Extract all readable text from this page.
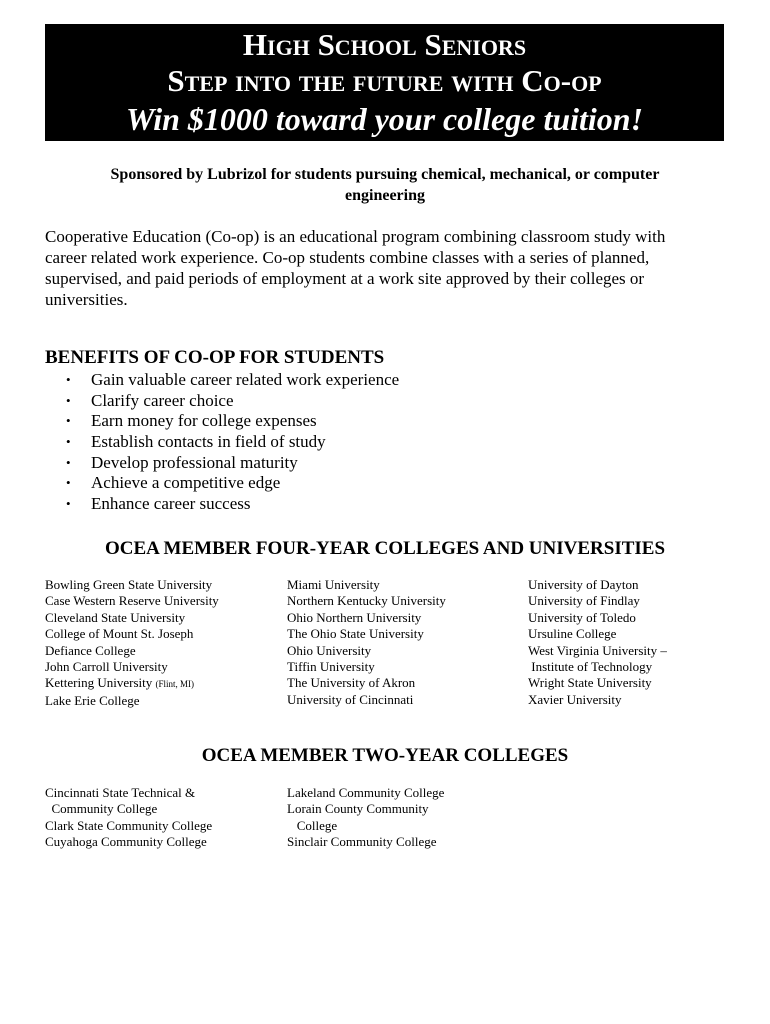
High School Seniors
Step into the future with Co-op
Win $1000 toward your college tuition!
Sponsored by Lubrizol for students pursuing chemical, mechanical, or computer engineering
Cooperative Education (Co-op) is an educational program combining classroom study with career related work experience. Co-op students combine classes with a series of planned, supervised, and paid periods of employment at a work site approved by their colleges or universities.
BENEFITS OF CO-OP FOR STUDENTS
• Gain valuable career related work experience
• Clarify career choice
• Earn money for college expenses
• Establish contacts in field of study
• Develop professional maturity
• Achieve a competitive edge
• Enhance career success
OCEA MEMBER FOUR-YEAR COLLEGES AND UNIVERSITIES
Bowling Green State University
Case Western Reserve University
Cleveland State University
College of Mount St. Joseph
Defiance College
John Carroll University
Kettering University (Flint, MI)
Lake Erie College
Miami University
Northern Kentucky University
Ohio Northern University
The Ohio State University
Ohio University
Tiffin University
The University of Akron
University of Cincinnati
University of Dayton
University of Findlay
University of Toledo
Ursuline College
West Virginia University –
Institute of Technology
Wright State University
Xavier University
OCEA MEMBER TWO-YEAR COLLEGES
Cincinnati State Technical &
Community College
Clark State Community College
Cuyahoga Community College
Lakeland Community College
Lorain County Community
College
Sinclair Community College
